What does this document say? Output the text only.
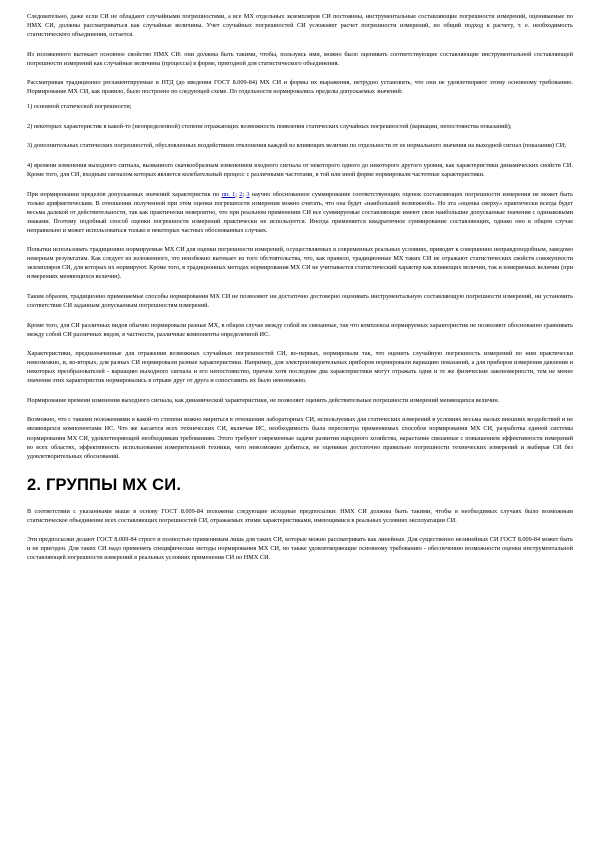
Следовательно, даже если СИ не обладают случайными погрешностями, а все МХ отдельных экземпляров СИ постоянны, инструментальные составляющие погрешности измерений, оцениваемые по НМХ СИ, должны рассматриваться как случайные величины. Учет случайных погрешностей СИ усложняет расчет погрешности измерений, но общий подход к расчету, т. е. необходимость статистического объединения, остается.

Из изложенного вытекает основное свойство НМХ СИ: они должны быть такими, чтобы, пользуясь ими, можно было оценивать соответствующие составляющие инструментальной составляющей погрешности измерений как случайные величины (процессы) в форме, пригодной для статистического объединения.

Рассматривая традиционно регламентируемые в НТД (до введения ГОСТ 8.009-84) МХ СИ и формы их выражения, нетрудно установить, что они не удовлетворяют этому основному требованию. Нормирование МХ СИ, как правило, было построено по следующей схеме. По отдельности нормировались пределы допускаемых значений:

1) основной статической погрешности;

2) некоторых характеристик в какой-то (неопределенной) степени отражающих возможность появления статических случайных погрешностей (вариации, непостоянства показаний);

3) дополнительных статических погрешностей, обусловленных воздействием отклонения каждой из влияющих величин по отдельности от ее нормального значения на выходной сигнал (показания) СИ;

4) времени изменения выходного сигнала, вызванного скачкообразным изменением входного сигнала от некоторого одного до некоторого другого уровня, как характеристики динамических свойств СИ. Кроме того, для СИ, входным сигналом которых является колебательный процесс с различными частотами, в той или иной форме нормировали частотные характеристики.

При нормировании пределов допускаемых значений характеристик по пп. 1; 2; 3 научно обоснованное суммирование соответствующих оценок составляющих погрешности измерения не может быть только арифметическим. В отношении полученной при этом оценки погрешности измерения можно считать, что она будет «наибольшей возможной». Но эта «оценка сверху» практически всегда будет весьма далекой от действительности, так как практически невероятно, что при реальном применении СИ все суммируемые составляющие имеют свои наибольшие допускаемые значения с одинаковыми знаками. Поэтому подобный способ оценки погрешности измерений практически не используется. Иногда применяется квадратичное суммирование составляющих, однако оно в общем случае неправильно и может использоваться только в некоторых частных обоснованных случаях.

Попытки использовать традиционно нормируемые МХ СИ для оценки погрешности измерений, осуществляемых в современных реальных условиях, приводят к совершенно неправдоподобным, заведомо неверным результатам. Как следует из изложенного, это неизбежно вытекает из того обстоятельства, что, как правило, традиционные МХ таких СИ не отражают статистических свойств совокупности экземпляров СИ, для которых их нормируют. Кроме того, в традиционных методах нормирования МХ СИ не учитывается статистический характер как влияющих величин, так и измеряемых величин (при измерениях меняющихся величин).

Таким образом, традиционно применяемые способы нормирования МХ СИ не позволяют ни достаточно достоверно оценивать инструментальную составляющую погрешности измерений, ни установить соответствие СИ заданным допускаемым погрешностям измерений.

Кроме того, для СИ различных видов обычно нормировали разные МХ, в общем случае между собой не связанные, так что комплексы нормируемых характеристик не позволяют обоснованно сравнивать между собой СИ различных видов, в частности, различные компоненты определенной ИС.

Характеристики, предназначенные для отражения возможных случайных погрешностей СИ, во-первых, нормировали так, что оценить случайную погрешность измерений по ним практически невозможно, и, во-вторых, для разных СИ нормировали разные характеристики. Например, для электроизмерительных приборов нормировали вариацию показаний, а для приборов измерения давления и некоторых преобразователей - вариацию выходного сигнала и его непостоянство, причем хотя последние два характеристики могут отражать одни и те же физические закономерности, тем не менее значения этих характеристик нормировались в отрыве друг от друга и сопоставить их было невозможно.

Нормирование времени изменения выходного сигнала, как динамической характеристики, не позволяет оценить действительные погрешности измерений меняющихся величин.

Возможно, что с такими положениями в какой-то степени можно мириться в отношении лабораторных СИ, используемых для статических измерений в условиях весьма малых внешних воздействий и не являющихся компонентами ИС. Что же касается всех технических СИ, включая ИС, необходимость была пересмотра применяемых способов нормирования МХ СИ, разработка единой системы нормирования МХ СИ, удовлетворяющей необходимым требованиям. Этого требуют современные задачи развития народного хозяйства, нарастание связанные с повышением эффективности измерений во всех областях, эффективность использования измерительной техники, чего невозможно добиться, не оценивая достаточно правильно погрешности технических измерений и выбирая СИ без удовлетворительных обоснований.

2. ГРУППЫ МХ СИ.

В соответствии с указанными выше в основу ГОСТ 8.009-84 положены следующие исходные предпосылки: НМХ СИ должны быть такими, чтобы в необходимых случаях было возможным статистическое объединение всех составляющих погрешностей СИ, отражаемых этими характеристиками, имеющимися в реальных условиях эксплуатации СИ.

Эти предпосылки делают ГОСТ 8.009-84 строго и полностью применимым лишь для таких СИ, которые можно рассматривать как линейные. Для существенно нелинейных СИ ГОСТ 8.009-84 может быть и не пригоден. Для таких СИ надо применять специфические методы нормирования МХ СИ, но также удовлетворяющие основному требованию - обеспечению возможности оценки инструментальной составляющей погрешности измерений в реальных условиях применения СИ по НМХ СИ.
